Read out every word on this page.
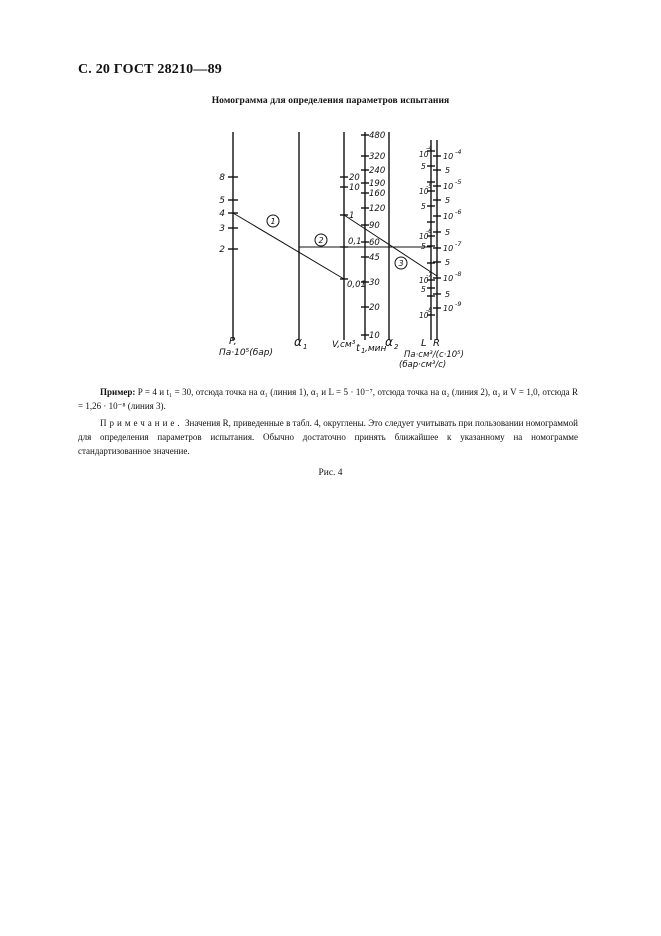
С. 20 ГОСТ 28210—89
Номограмма для определения параметров испытания
1
2
3
8
5
4
3
2
20
10
1
0,1
0,01
480
320
240
190
160
120
90
60
45
30
20
10
10
-4
5
10
-5
5
10
-6
5
10
-7
5
10
-8
10 -4
5
10 -5
5
10 -6
5
10 -7
5
10 -8
5
10 -9
P,
Па·10⁵(бар)
α 1	V,см³ t 1 ,мин
α 2 L R
Па·см³/(с·10⁵)
(бар·см³/с)
Пример: P = 4 и t₁ = 30, отсюда точка на α₁ (линия 1), α₁ и L = 5 · 10⁻⁷, отсюда точка на α₂ (линия 2), α₂ и V = 1,0, отсюда R = 1,26 · 10⁻⁸ (линия 3).
Примечание. Значения R, приведенные в табл. 4, округлены. Это следует учитывать при пользовании номограммой для определения параметров испытания. Обычно достаточно принять ближайшее к указанному на номограмме стандартизованное значение.
Рис. 4
